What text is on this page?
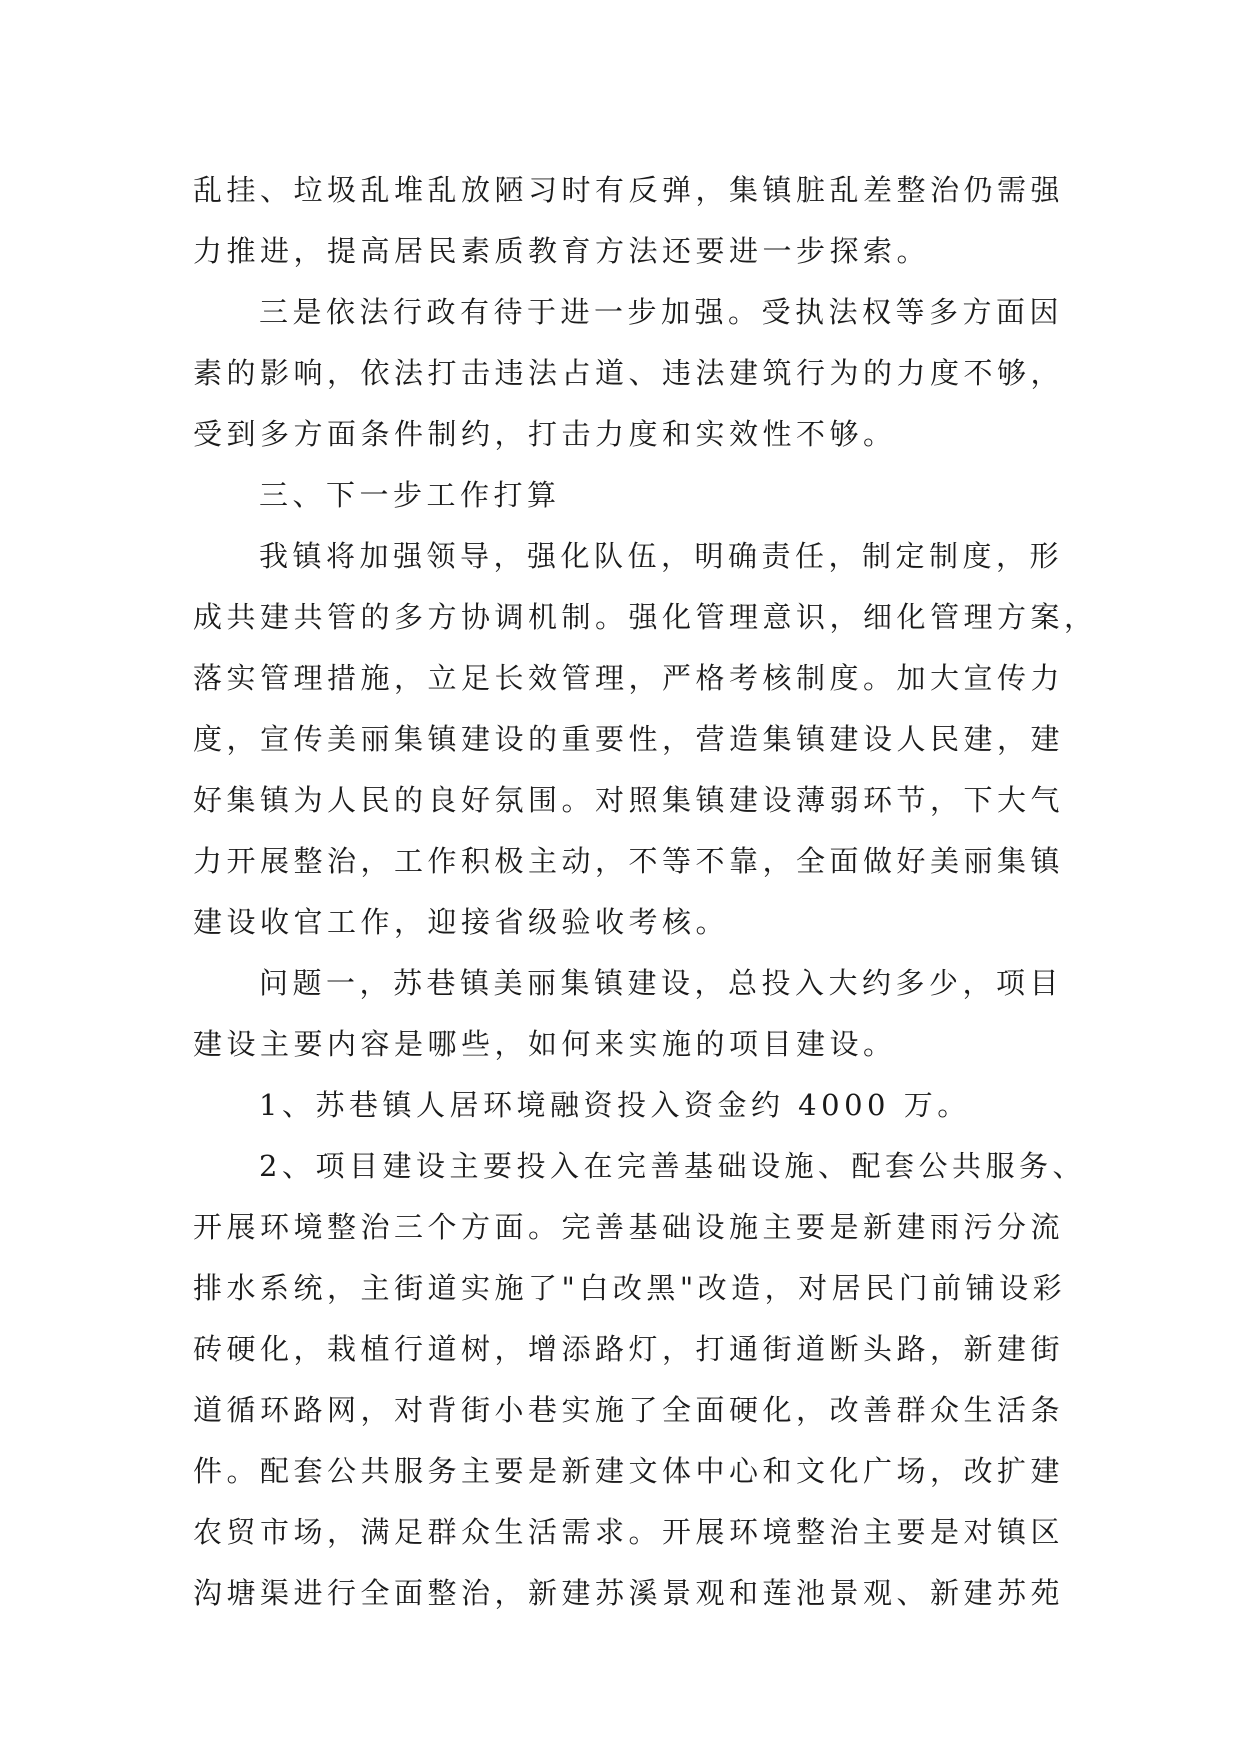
乱挂、垃圾乱堆乱放陋习时有反弹，集镇脏乱差整治仍需强
力推进，提高居民素质教育方法还要进一步探索。
三是依法行政有待于进一步加强。受执法权等多方面因
素的影响，依法打击违法占道、违法建筑行为的力度不够，
受到多方面条件制约，打击力度和实效性不够。
三、下一步工作打算
我镇将加强领导，强化队伍，明确责任，制定制度，形
成共建共管的多方协调机制。强化管理意识，细化管理方案，
落实管理措施，立足长效管理，严格考核制度。加大宣传力
度，宣传美丽集镇建设的重要性，营造集镇建设人民建，建
好集镇为人民的良好氛围。对照集镇建设薄弱环节，下大气
力开展整治，工作积极主动，不等不靠，全面做好美丽集镇
建设收官工作，迎接省级验收考核。
问题一，苏巷镇美丽集镇建设，总投入大约多少，项目
建设主要内容是哪些，如何来实施的项目建设。
1、苏巷镇人居环境融资投入资金约 4000 万。
2、项目建设主要投入在完善基础设施、配套公共服务、
开展环境整治三个方面。完善基础设施主要是新建雨污分流
排水系统，主街道实施了"白改黑"改造，对居民门前铺设彩
砖硬化，栽植行道树，增添路灯，打通街道断头路，新建街
道循环路网，对背街小巷实施了全面硬化，改善群众生活条
件。配套公共服务主要是新建文体中心和文化广场，改扩建
农贸市场，满足群众生活需求。开展环境整治主要是对镇区
沟塘渠进行全面整治，新建苏溪景观和莲池景观、新建苏苑
